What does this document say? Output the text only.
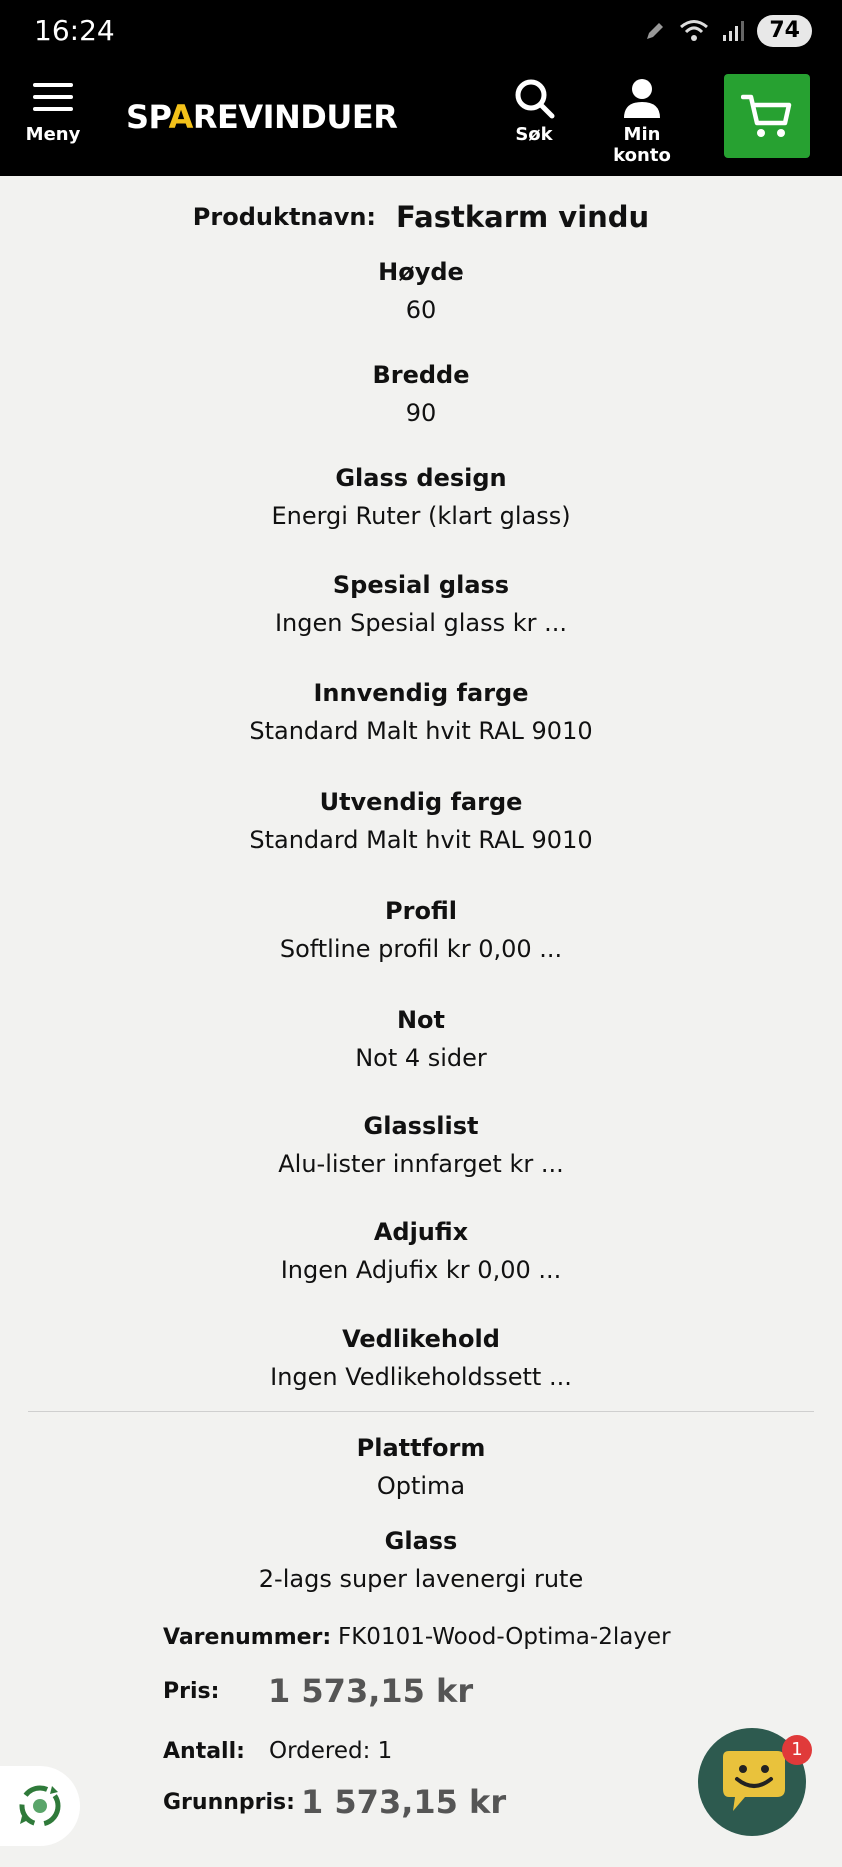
16:24	74
Meny SPAREVINDUER	Søk	Min konto
Produktnavn: Fastkarm vindu
Høyde
60
Bredde
90
Glass design
Energi Ruter (klart glass)
Spesial glass
Ingen Spesial glass kr ...
Innvendig farge
Standard Malt hvit RAL 9010
Utvendig farge
Standard Malt hvit RAL 9010
Profil
Softline profil kr 0,00 ...
Not
Not 4 sider
Glasslist
Alu-lister innfarget kr ...
Adjufix
Ingen Adjufix kr 0,00 ...
Vedlikehold
Ingen Vedlikeholdssett ...
Plattform
Optima
Glass
2-lags super lavenergi rute
Varenummer: FK0101-Wood-Optima-2layer
Pris:	1 573,15 kr
Antall:	Ordered: 1
Grunnpris: 1 573,15 kr
1
